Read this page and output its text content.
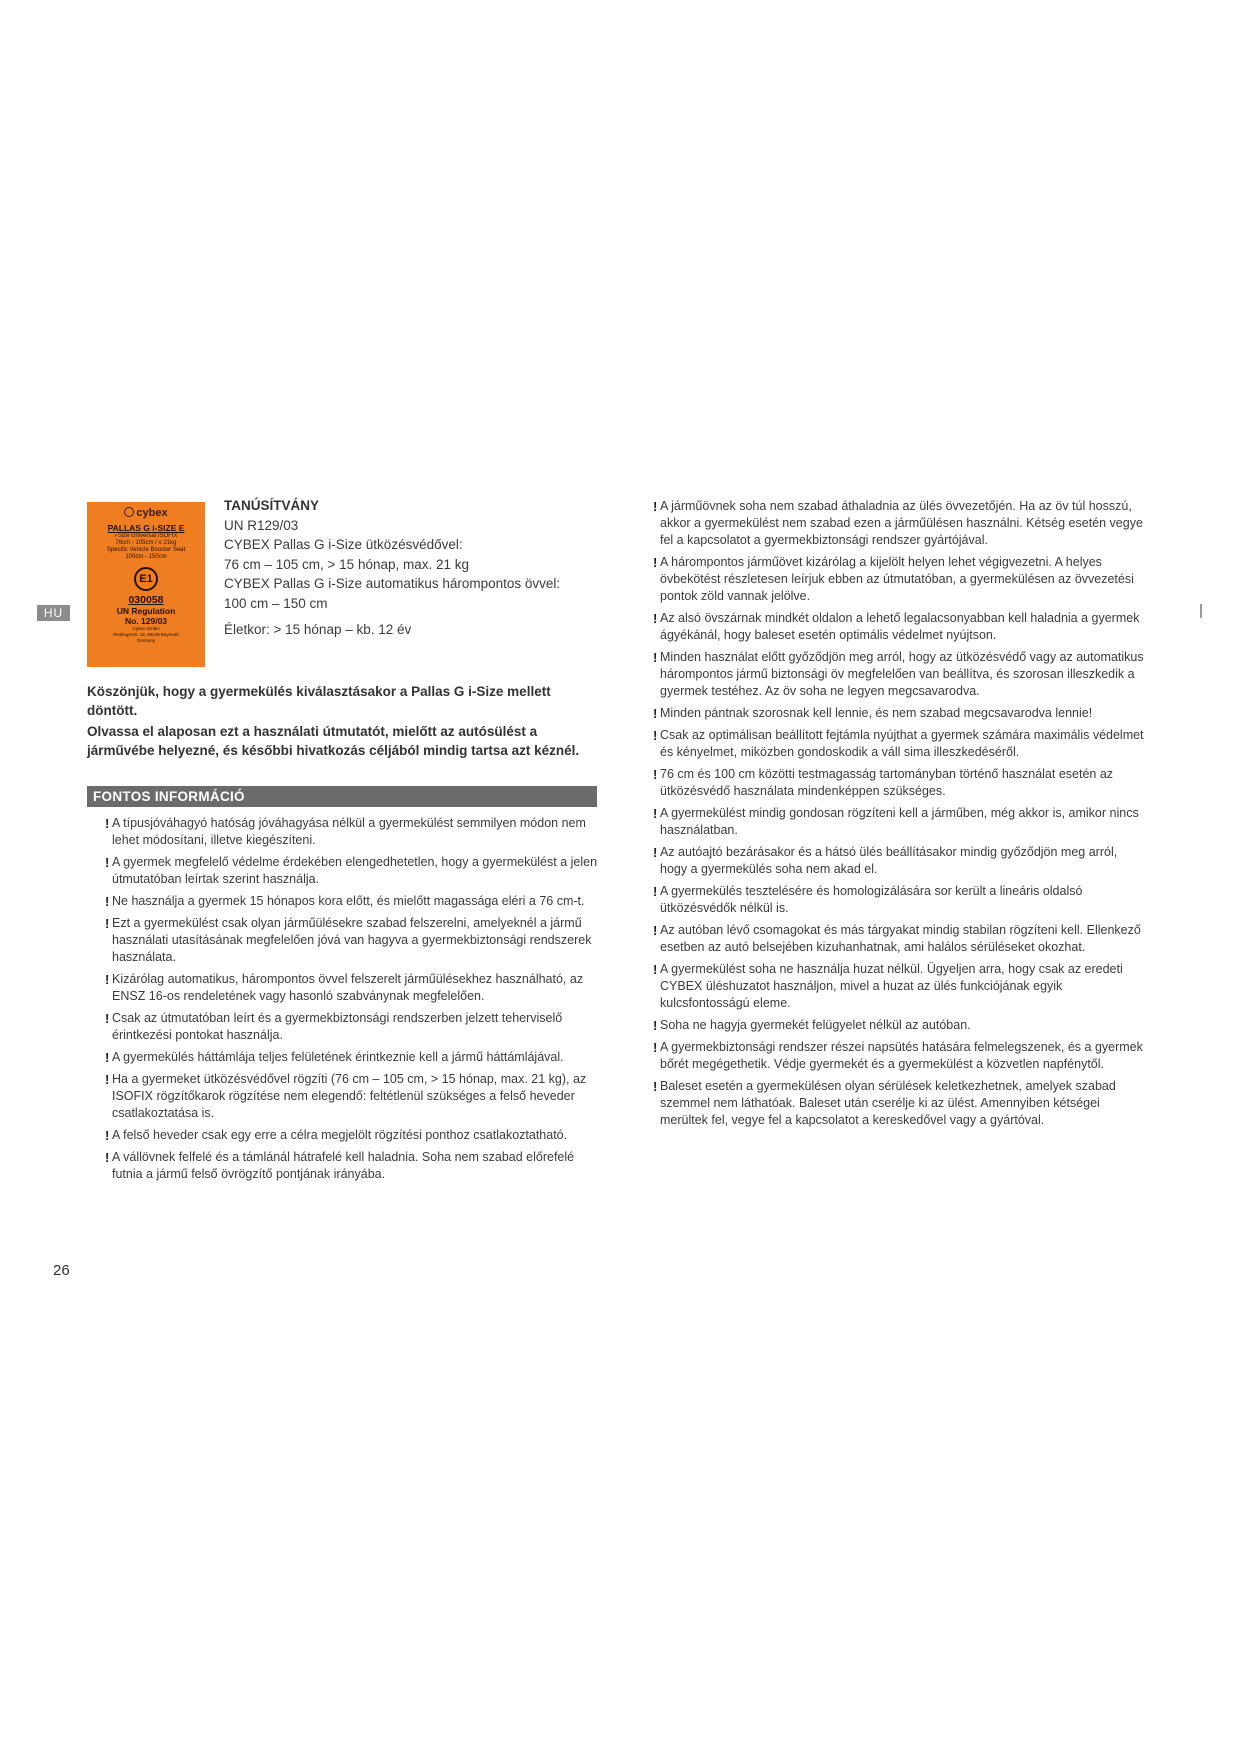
HU
cybex
PALLAS G i-SIZE E
i-Size Universal ISOFIX
76cm - 105cm / ≤ 21kg
Specific Vehicle Booster Seat
100cm - 150cm
E1
030058
UN Regulation
No. 129/03
Cybex GmbH
Riedingerstr. 18, 95448 Bayreuth
Germany
TANÚSÍTVÁNY
UN R129/03
CYBEX Pallas G i-Size ütközésvédővel:
76 cm – 105 cm, > 15 hónap, max. 21 kg
CYBEX Pallas G i-Size automatikus hárompontos övvel:
100 cm – 150 cm
Életkor: > 15 hónap – kb. 12 év

Köszönjük, hogy a gyermekülés kiválasztásakor a Pallas G i-Size mellett döntött.

Olvassa el alaposan ezt a használati útmutatót, mielőtt az autósülést a járművébe helyezné, és későbbi hivatkozás céljából mindig tartsa azt kéznél.

FONTOS INFORMÁCIÓ
! A típusjóváhagyó hatóság jóváhagyása nélkül a gyermekülést semmilyen módon nem lehet módosítani, illetve kiegészíteni.
! A gyermek megfelelő védelme érdekében elengedhetetlen, hogy a gyermekülést a jelen útmutatóban leírtak szerint használja.
! Ne használja a gyermek 15 hónapos kora előtt, és mielőtt magassága eléri a 76 cm-t.
! Ezt a gyermekülést csak olyan járműülésekre szabad felszerelni, amelyeknél a jármű használati utasításának megfelelően jóvá van hagyva a gyermekbiztonsági rendszerek használata.
! Kizárólag automatikus, hárompontos övvel felszerelt járműülésekhez használható, az ENSZ 16-os rendeletének vagy hasonló szabványnak megfelelően.
! Csak az útmutatóban leírt és a gyermekbiztonsági rendszerben jelzett teherviselő érintkezési pontokat használja.
! A gyermekülés háttámlája teljes felületének érintkeznie kell a jármű háttámlájával.
! Ha a gyermeket ütközésvédővel rögzíti (76 cm – 105 cm, > 15 hónap, max. 21 kg), az ISOFIX rögzítőkarok rögzítése nem elegendő: feltétlenül szükséges a felső heveder csatlakoztatása is.
! A felső heveder csak egy erre a célra megjelölt rögzítési ponthoz csatlakoztatható.
! A vállövnek felfelé és a támlánál hátrafelé kell haladnia. Soha nem szabad előrefelé futnia a jármű felső övrögzítő pontjának irányába.
! A járműövnek soha nem szabad áthaladnia az ülés övvezetőjén. Ha az öv túl hosszú, akkor a gyermekülést nem szabad ezen a járműülésen használni. Kétség esetén vegye fel a kapcsolatot a gyermekbiztonsági rendszer gyártójával.
! A hárompontos járműövet kizárólag a kijelölt helyen lehet végigvezetni. A helyes övbekötést részletesen leírjuk ebben az útmutatóban, a gyermekülésen az övvezetési pontok zöld vannak jelölve.
! Az alsó övszárnak mindkét oldalon a lehető legalacsonyabban kell haladnia a gyermek ágyékánál, hogy baleset esetén optimális védelmet nyújtson.
! Minden használat előtt győződjön meg arról, hogy az ütközésvédő vagy az automatikus hárompontos jármű biztonsági öv megfelelően van beállítva, és szorosan illeszkedik a gyermek testéhez. Az öv soha ne legyen megcsavarodva.
! Minden pántnak szorosnak kell lennie, és nem szabad megcsavarodva lennie!
! Csak az optimálisan beállított fejtámla nyújthat a gyermek számára maximális védelmet és kényelmet, miközben gondoskodik a váll sima illeszkedéséről.
! 76 cm és 100 cm közötti testmagasság tartományban történő használat esetén az ütközésvédő használata mindenképpen szükséges.
! A gyermekülést mindig gondosan rögzíteni kell a járműben, még akkor is, amikor nincs használatban.
! Az autóajtó bezárásakor és a hátsó ülés beállításakor mindig győződjön meg arról, hogy a gyermekülés soha nem akad el.
! A gyermekülés tesztelésére és homologizálására sor került a lineáris oldalsó ütközésvédők nélkül is.
! Az autóban lévő csomagokat és más tárgyakat mindig stabilan rögzíteni kell. Ellenkező esetben az autó belsejében kizuhanhatnak, ami halálos sérüléseket okozhat.
! A gyermekülést soha ne használja huzat nélkül. Ügyeljen arra, hogy csak az eredeti CYBEX üléshuzatot használjon, mivel a huzat az ülés funkciójának egyik kulcsfontosságú eleme.
! Soha ne hagyja gyermekét felügyelet nélkül az autóban.
! A gyermekbiztonsági rendszer részei napsütés hatására felmelegszenek, és a gyermek bőrét megégethetik. Védje gyermekét és a gyermekülést a közvetlen napfénytől.
! Baleset esetén a gyermekülésen olyan sérülések keletkezhetnek, amelyek szabad szemmel nem láthatóak. Baleset után cserélje ki az ülést. Amennyiben kétségei merültek fel, vegye fel a kapcsolatot a kereskedővel vagy a gyártóval.
26
